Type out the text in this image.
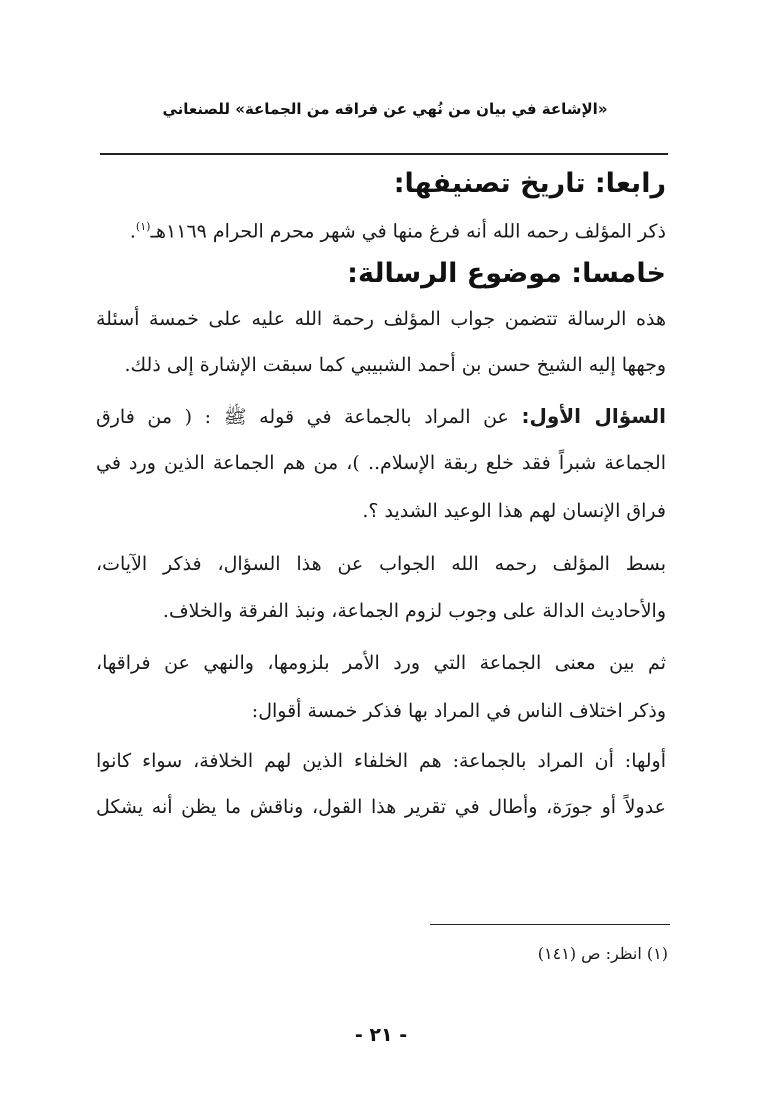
«الإشاعة في بيان من نُهي عن فراقه من الجماعة» للصنعاني
رابعا: تاريخ تصنيفها:
ذكر المؤلف رحمه الله أنه فرغ منها في شهر محرم الحرام ١١٦٩هـ$^{(١)}$.
خامسا: موضوع الرسالة:
هذه الرسالة تتضمن جواب المؤلف رحمة الله عليه على خمسة أسئلة
وجهها إليه الشيخ حسن بن أحمد الشبيبي كما سبقت الإشارة إلى ذلك.
السؤال الأول: عن المراد بالجماعة في قوله ﷺ : ( من فارق
الجماعة شبراً فقد خلع ربقة الإسلام.. )، من هم الجماعة الذين ورد في
فراق الإنسان لهم هذا الوعيد الشديد ؟.
بسط المؤلف رحمه الله الجواب عن هذا السؤال، فذكر الآيات،
والأحاديث الدالة على وجوب لزوم الجماعة، ونبذ الفرقة والخلاف.
ثم بين معنى الجماعة التي ورد الأمر بلزومها، والنهي عن فراقها،
وذكر اختلاف الناس في المراد بها فذكر خمسة أقوال:
أولها: أن المراد بالجماعة: هم الخلفاء الذين لهم الخلافة، سواء كانوا
عدولاً أو جورَة، وأطال في تقرير هذا القول، وناقش ما يظن أنه يشكل
(١) انظر: ص (١٤١)
- ٢١ -
